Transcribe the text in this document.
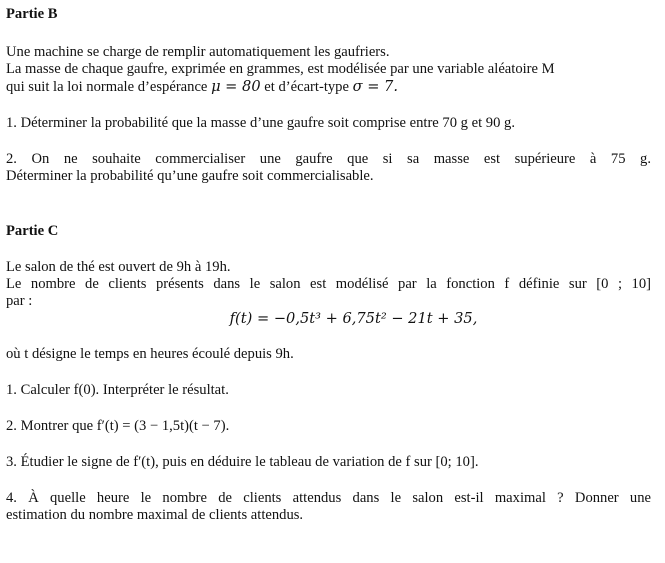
Partie B

Une machine se charge de remplir automatiquement les gaufriers.

La masse de chaque gaufre, exprimée en grammes, est modélisée par une variable aléatoire M

qui suit la loi normale d’espérance μ = 80 et d’écart-type σ = 7.

1. Déterminer la probabilité que la masse d’une gaufre soit comprise entre 70 g et 90 g.

2. On ne souhaite commercialiser une gaufre que si sa masse est supérieure à 75 g.

Déterminer la probabilité qu’une gaufre soit commercialisable.

Partie C

Le salon de thé est ouvert de 9h à 19h.

Le nombre de clients présents dans le salon est modélisé par la fonction f définie sur [0 ; 10]

par :

f(t) = −0,5t³ + 6,75t² − 21t + 35,

où t désigne le temps en heures écoulé depuis 9h.

1. Calculer f(0). Interpréter le résultat.

2. Montrer que f′(t) = (3 − 1,5t)(t − 7).

3. Étudier le signe de f′(t), puis en déduire le tableau de variation de f sur [0; 10].

4. À quelle heure le nombre de clients attendus dans le salon est-il maximal ? Donner une

estimation du nombre maximal de clients attendus.
